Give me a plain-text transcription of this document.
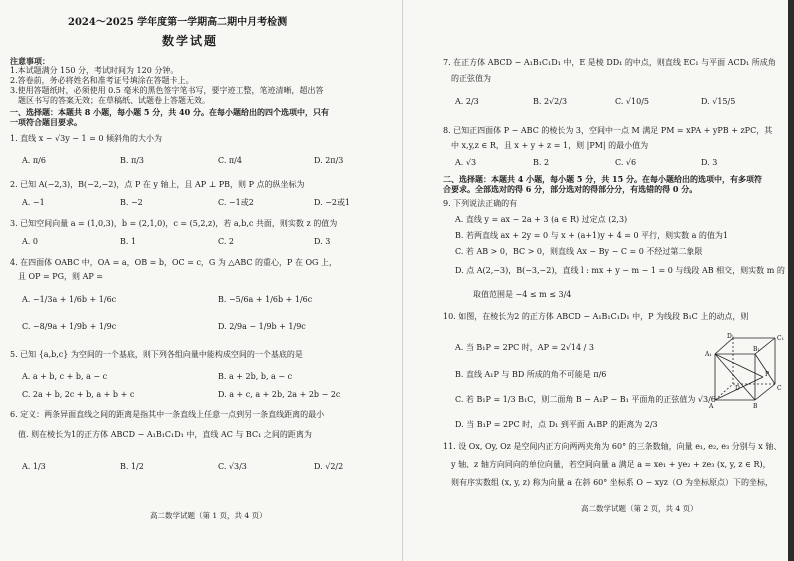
2024～2025 学年度第一学期高二期中月考检测
数学试题
注意事项：
1.本试题满分 150 分，考试时间为 120 分钟。
2.答卷前，务必将姓名和准考证号填涂在答题卡上。
3.使用答题纸时，必须使用 0.5 毫米的黑色签字笔书写，要字迹工整，笔迹清晰，超出答
题区书写的答案无效；在草稿纸、试题卷上答题无效。
一、选择题：本题共 8 小题，每小题 5 分，共 40 分。在每小题给出的四个选项中，只有
一项符合题目要求。
1. 直线 x − √3y − 1 = 0 倾斜角的大小为
A. π/6	B. π/3	C. π/4	D. 2π/3
2. 已知 A(−2,3)，B(−2,−2)，点 P 在 y 轴上，且 AP ⊥ PB，则 P 点的纵坐标为
A. −1	B. −2	C. −1或2	D. −2或1
3. 已知空间向量 a = (1,0,3)，b = (2,1,0)，c = (5,2,z)，若 a,b,c 共面，则实数 z 的值为
A. 0	B. 1	C. 2	D. 3
4. 在四面体 OABC 中，OA = a，OB = b，OC = c，G 为 △ABC 的重心，P 在 OG 上，
且 OP = PG，则 AP =
A. −1/3a + 1/6b + 1/6c	B. −5/6a + 1/6b + 1/6c
C. −8/9a + 1/9b + 1/9c	D. 2/9a − 1/9b + 1/9c
5. 已知 {a,b,c} 为空间的一个基底，则下列各组向量中能构成空间的一个基底的是
A. a + b, c + b, a − c	B. a + 2b, b, a − c
C. 2a + b, 2c + b, a + b + c	D. a + c, a + 2b, 2a + 2b − 2c
6. 定义：两条异面直线之间的距离是指其中一条直线上任意一点到另一条直线距离的最小
值. 则在棱长为1的正方体 ABCD − A₁B₁C₁D₁ 中，直线 AC 与 BC₁ 之间的距离为
A. 1/3	B. 1/2	C. √3/3	D. √2/2
高二数学试题（第 1 页，共 4 页）
7. 在正方体 ABCD − A₁B₁C₁D₁ 中，E 是棱 DD₁ 的中点，则直线 EC₁ 与平面 ACD₁ 所成角
的正弦值为
A. 2/3	B. 2√2/3	C. √10/5	D. √15/5
8. 已知正四面体 P − ABC 的棱长为 3，空间中一点 M 满足 PM = xPA + yPB + zPC，其
中 x,y,z ∈ R，且 x + y + z = 1，则 |PM| 的最小值为
A. √3	B. 2	C. √6	D. 3
二、选择题：本题共 4 小题，每小题 5 分，共 15 分。在每小题给出的选项中，有多项符
合要求。全部选对的得 6 分，部分选对的得部分分，有选错的得 0 分。
9. 下列说法正确的有
A. 直线 y = ax − 2a + 3 (a ∈ R) 过定点 (2,3)
B. 若两直线 ax + 2y = 0 与 x + (a+1)y + 4 = 0 平行，则实数 a 的值为1
C. 若 AB > 0，BC > 0，则直线 Ax − By − C = 0 不经过第二象限
D. 点 A(2,−3)，B(−3,−2)，直线 l : mx + y − m − 1 = 0 与线段 AB 相交，则实数 m 的
取值范围是 −4 ≤ m ≤ 3/4
10. 如图，在棱长为2 的正方体 ABCD − A₁B₁C₁D₁ 中，P 为线段 B₁C 上的动点，则
A. 当 B₁P = 2PC 时，AP = 2√14 / 3
B. 直线 A₁P 与 BD 所成的角不可能是 π/6
C. 若 B₁P = 1/3 B₁C，则二面角 B − A₁P − B₁ 平面角的正弦值为 √3/6
D. 当 B₁P = 2PC 时，点 D₁ 到平面 A₁BP 的距离为 2/3
A₁
D₁
B₁
C₁
A
D
B
C
P
11. 设 Ox, Oy, Oz 是空间内正方向两两夹角为 60° 的三条数轴，向量 e₁, e₂, e₃ 分别与 x 轴、
y 轴、z 轴方向同向的单位向量，若空间向量 a 满足 a = xe₁ + ye₂ + ze₃ (x, y, z ∈ R)，
则有序实数组 (x, y, z) 称为向量 a 在斜 60° 坐标系 O − xyz（O 为坐标原点）下的坐标，
高二数学试题（第 2 页，共 4 页）
